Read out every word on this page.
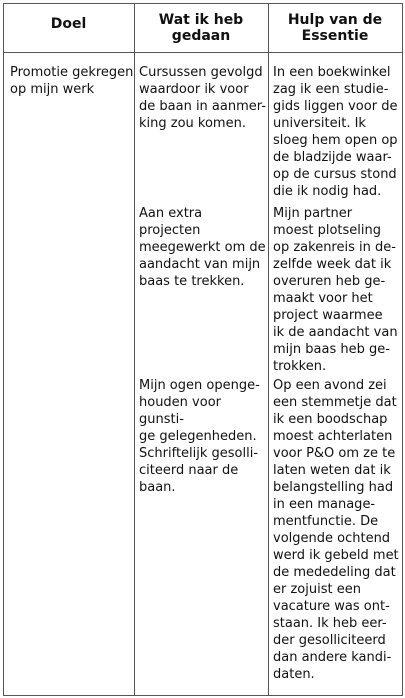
Doel	Wat ik heb
gedaan
Hulp van de
Essentie
Promotie gekregen
op mijn werk
Cursussen gevolgd
waardoor ik voor
de baan in aanmer-
king zou komen.
In een boekwinkel
zag ik een studie-
gids liggen voor de
universiteit. Ik
sloeg hem open op
de bladzijde waar-
op de cursus stond
die ik nodig had.
Aan extra projecten
meegewerkt om de
aandacht van mijn
baas te trekken.
Mijn partner
moest plotseling
op zakenreis in de-
zelfde week dat ik
overuren heb ge-
maakt voor het
project waarmee
ik de aandacht van
mijn baas heb ge-
trokken.
Mijn ogen openge-
houden voor gunsti-
ge gelegenheden.
Schriftelijk gesolli-
citeerd naar de baan.
Op een avond zei
een stemmetje dat
ik een boodschap
moest achterlaten
voor P&O om ze te
laten weten dat ik
belangstelling had
in een manage-
mentfunctie. De
volgende ochtend
werd ik gebeld met
de mededeling dat
er zojuist een
vacature was ont-
staan. Ik heb eer-
der gesolliciteerd
dan andere kandi-
daten.
